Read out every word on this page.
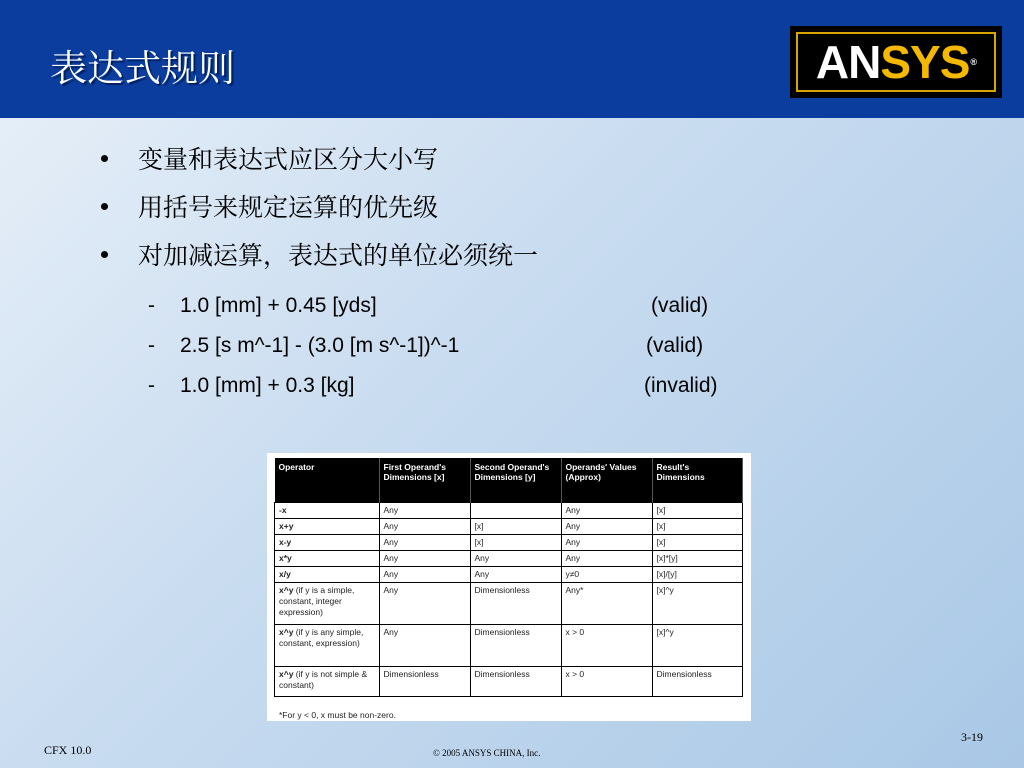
表达式规则	AN SYS ®
变量和表达式应区分大小写
用括号来规定运算的优先级
对加减运算，表达式的单位必须统一
-	1.0 [mm] + 0.45 [yds]	(valid)
-	2.5 [s m^-1] - (3.0 [m s^-1])^-1	(valid)
-	1.0 [mm] + 0.3 [kg]	(invalid)
Operator	First Operand's Dimensions [x]	Second Operand's Dimensions [y]	Operands' Values (Approx)	Result's Dimensions
-x	Any		Any	[x]
x+y	Any	[x]	Any	[x]
x-y	Any	[x]	Any	[x]
x*y	Any	Any	Any	[x]*[y]
x/y	Any	Any	y≠0	[x]/[y]
x^y (if y is a simple, constant, integer expression)	Any	Dimensionless	Any*	[x]^y
x^y (if y is any simple, constant, expression)	Any	Dimensionless	x > 0	[x]^y
x^y (if y is not simple & constant)	Dimensionless	Dimensionless	x > 0	Dimensionless
*For y < 0, x must be non-zero.
CFX 10.0	© 2005 ANSYS CHINA, Inc.
3-19
